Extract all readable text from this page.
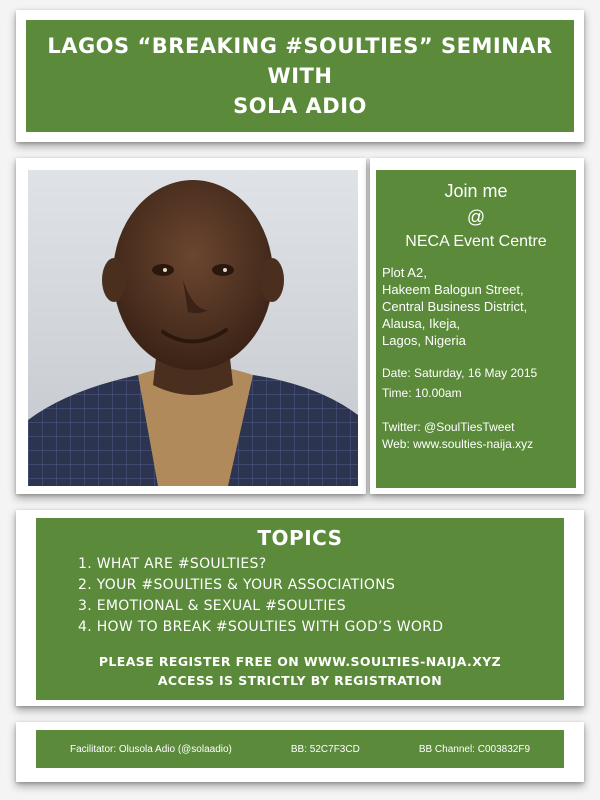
LAGOS “BREAKING #SOULTIES” SEMINAR
WITH
SOLA ADIO
Join me
@
NECA Event Centre
Plot A2,
Hakeem Balogun Street,
Central Business District,
Alausa, Ikeja,
Lagos, Nigeria
Date: Saturday, 16 May 2015
Time: 10.00am
Twitter: @SoulTiesTweet
Web: www.soulties-naija.xyz
TOPICS
1. WHAT ARE #SOULTIES?
2. YOUR #SOULTIES & YOUR ASSOCIATIONS
3. EMOTIONAL & SEXUAL #SOULTIES
4. HOW TO BREAK #SOULTIES WITH GOD’S WORD
PLEASE REGISTER FREE ON WWW.SOULTIES-NAIJA.XYZ
ACCESS IS STRICTLY BY REGISTRATION
Facilitator: Olusola Adio (@solaadio)	BB: 52C7F3CD	BB Channel: C003832F9
